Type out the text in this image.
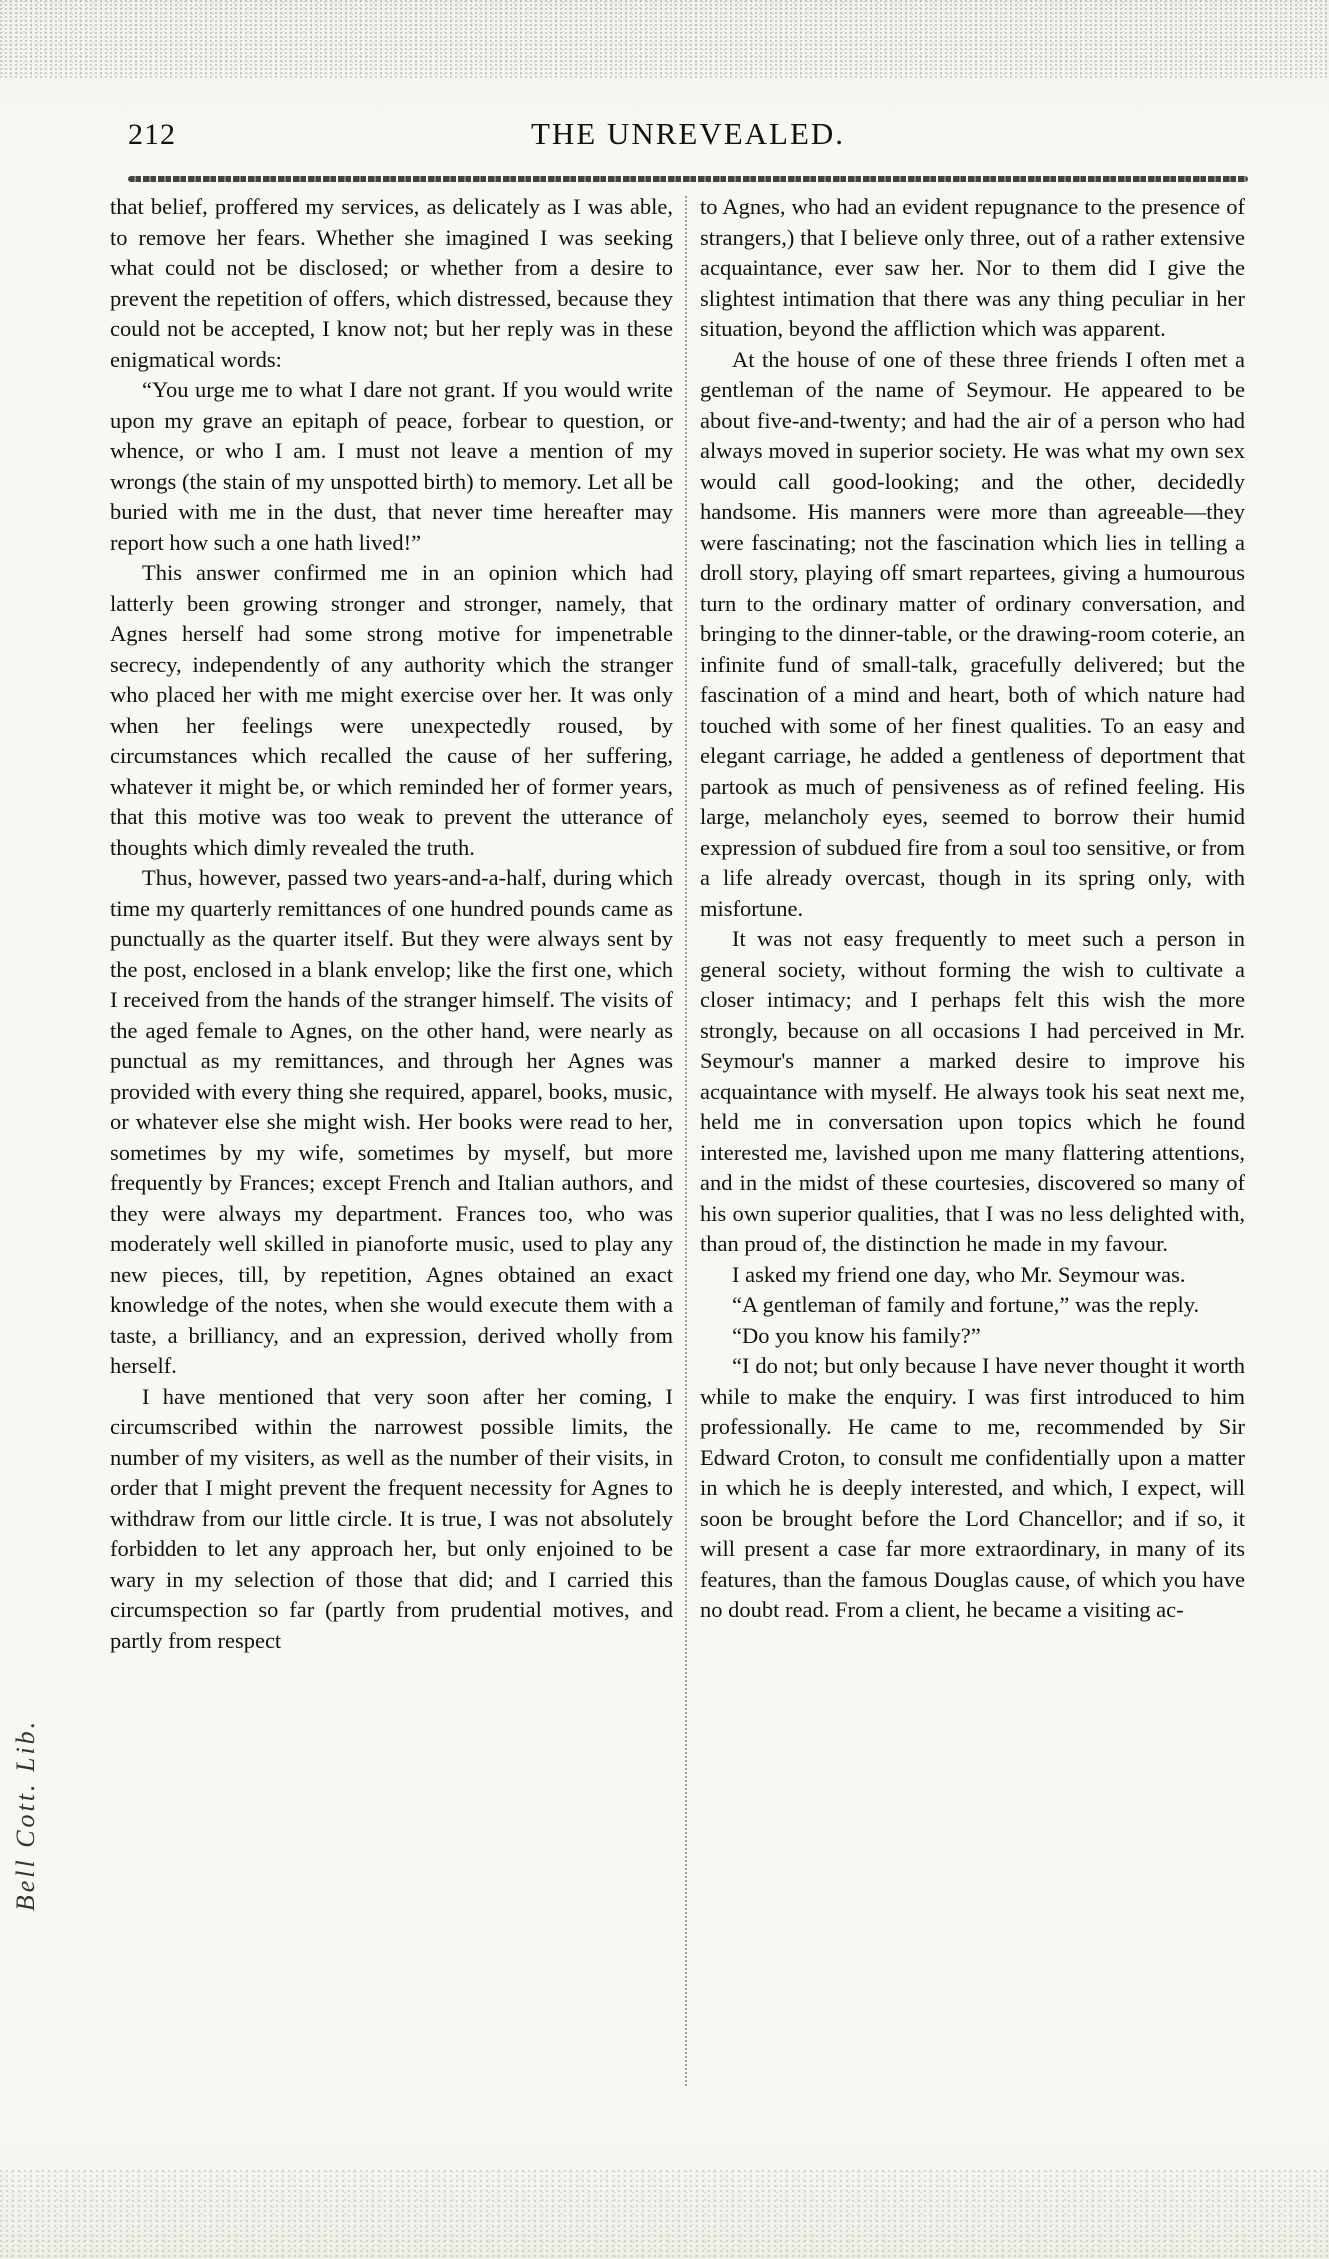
212	THE UNREVEALED.

that belief, proffered my services, as delicately as I was able, to remove her fears. Whether she imagined I was seeking what could not be disclosed; or whether from a desire to prevent the repetition of offers, which distressed, because they could not be accepted, I know not; but her reply was in these enigmatical words:

“You urge me to what I dare not grant. If you would write upon my grave an epitaph of peace, forbear to question, or whence, or who I am. I must not leave a mention of my wrongs (the stain of my unspotted birth) to memory. Let all be buried with me in the dust, that never time hereafter may report how such a one hath lived!”

This answer confirmed me in an opinion which had latterly been growing stronger and stronger, namely, that Agnes herself had some strong motive for impenetrable secrecy, independently of any authority which the stranger who placed her with me might exercise over her. It was only when her feelings were unexpectedly roused, by circumstances which recalled the cause of her suffering, whatever it might be, or which reminded her of former years, that this motive was too weak to prevent the utterance of thoughts which dimly revealed the truth.

Thus, however, passed two years-and-a-half, during which time my quarterly remittances of one hundred pounds came as punctually as the quarter itself. But they were always sent by the post, enclosed in a blank envelop; like the first one, which I received from the hands of the stranger himself. The visits of the aged female to Agnes, on the other hand, were nearly as punctual as my remittances, and through her Agnes was provided with every thing she required, apparel, books, music, or whatever else she might wish. Her books were read to her, sometimes by my wife, sometimes by myself, but more frequently by Frances; except French and Italian authors, and they were always my department. Frances too, who was moderately well skilled in pianoforte music, used to play any new pieces, till, by repetition, Agnes obtained an exact knowledge of the notes, when she would execute them with a taste, a brilliancy, and an expression, derived wholly from herself.

I have mentioned that very soon after her coming, I circumscribed within the narrowest possible limits, the number of my visiters, as well as the number of their visits, in order that I might prevent the frequent necessity for Agnes to withdraw from our little circle. It is true, I was not absolutely forbidden to let any approach her, but only enjoined to be wary in my selection of those that did; and I carried this circumspection so far (partly from prudential motives, and partly from respect

to Agnes, who had an evident repugnance to the presence of strangers,) that I believe only three, out of a rather extensive acquaintance, ever saw her. Nor to them did I give the slightest intimation that there was any thing peculiar in her situation, beyond the affliction which was apparent.

At the house of one of these three friends I often met a gentleman of the name of Seymour. He appeared to be about five-and-twenty; and had the air of a person who had always moved in superior society. He was what my own sex would call good-looking; and the other, decidedly handsome. His manners were more than agreeable—they were fascinating; not the fascination which lies in telling a droll story, playing off smart repartees, giving a humourous turn to the ordinary matter of ordinary conversation, and bringing to the dinner-table, or the drawing-room coterie, an infinite fund of small-talk, gracefully delivered; but the fascination of a mind and heart, both of which nature had touched with some of her finest qualities. To an easy and elegant carriage, he added a gentleness of deportment that partook as much of pensiveness as of refined feeling. His large, melancholy eyes, seemed to borrow their humid expression of subdued fire from a soul too sensitive, or from a life already overcast, though in its spring only, with misfortune.

It was not easy frequently to meet such a person in general society, without forming the wish to cultivate a closer intimacy; and I perhaps felt this wish the more strongly, because on all occasions I had perceived in Mr. Seymour's manner a marked desire to improve his acquaintance with myself. He always took his seat next me, held me in conversation upon topics which he found interested me, lavished upon me many flattering attentions, and in the midst of these courtesies, discovered so many of his own superior qualities, that I was no less delighted with, than proud of, the distinction he made in my favour.

I asked my friend one day, who Mr. Seymour was.

“A gentleman of family and fortune,” was the reply.

“Do you know his family?”

“I do not; but only because I have never thought it worth while to make the enquiry. I was first introduced to him professionally. He came to me, recommended by Sir Edward Croton, to consult me confidentially upon a matter in which he is deeply interested, and which, I expect, will soon be brought before the Lord Chancellor; and if so, it will present a case far more extraordinary, in many of its features, than the famous Douglas cause, of which you have no doubt read. From a client, he became a visiting ac-

Bell Cott. Lib.
